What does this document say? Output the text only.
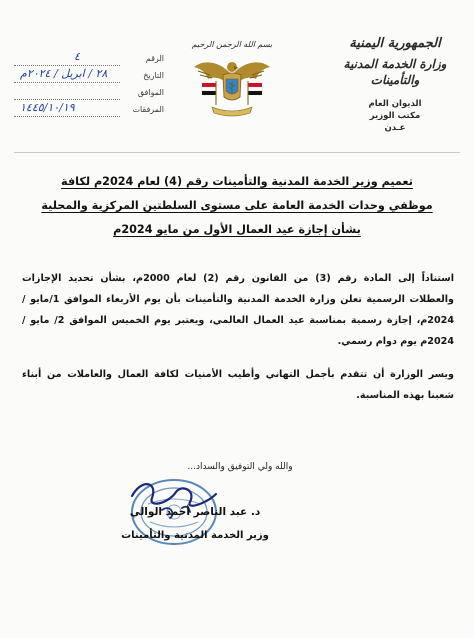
الجمهورية اليمنية
وزارة الخدمة المدنية والتأمينات
الديوان العام
مكتب الوزير
عـدن
بسم الله الرحمن الرحيم
الرقم
٤
التاريخ
٢٨ / ابريل / ٢٠٢٤م
الموافق
المرفقات
١٤٤٥/١٠/١٩
تعميم وزير الخدمة المدنية والتأمينات رقم (4) لعام 2024م لكافة
موظفي وحدات الخدمة العامة على مستوى السلطتين المركزية والمحلية
بشأن إجازة عيد العمال الأول من مايو 2024م

استناداً إلى المادة رقم (3) من القانون رقم (2) لعام 2000م، بشأن تحديد الإجازات والعطلات الرسمية تعلن وزارة الخدمة المدنية والتأمينات بأن يوم الأربعاء الموافق 1/مايو / 2024م، إجازة رسمية بمناسبة عيد العمال العالمي، ويعتبر يوم الخميس الموافق 2/ مايو / 2024م يوم دوام رسمي.

ويسر الوزارة أن تتقدم بأجمل التهاني وأطيب الأمنيات لكافة العمال والعاملات من أبناء شعبنا بهذه المناسبة.

والله ولي التوفيق والسداد...
د. عبد الناصر أحمد الوالي
وزير الخدمة المدنية والتأمينات
